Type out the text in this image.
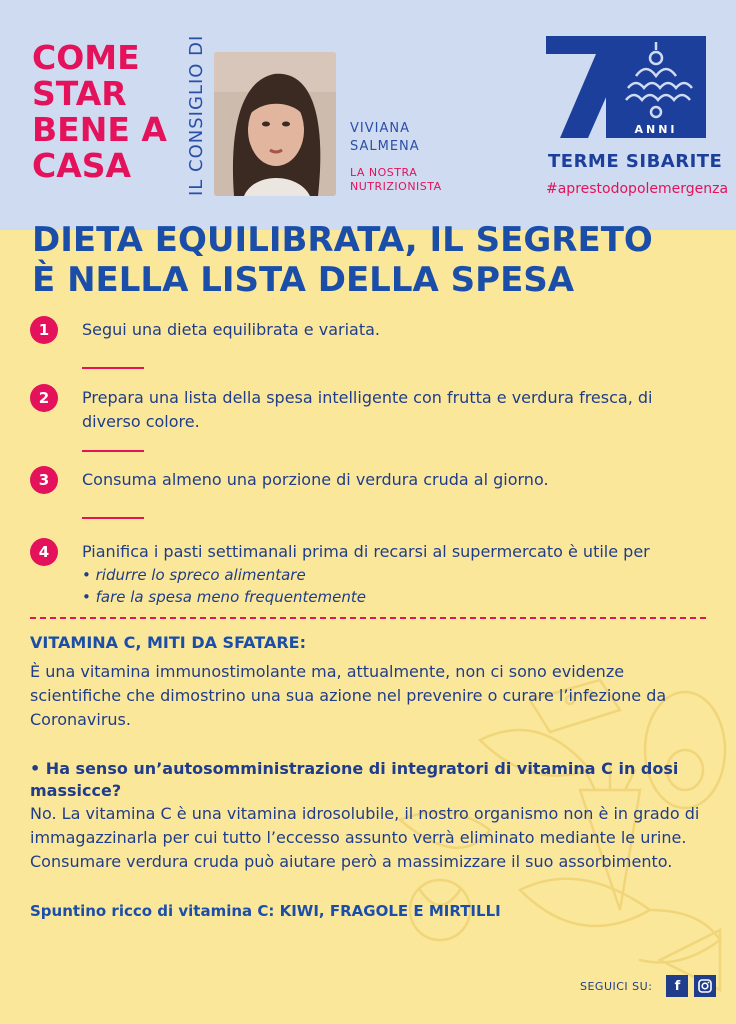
COME
STAR
BENE A
CASA	IL CONSIGLIO DI	VIVIANA
SALMENA
LA NOSTRA
NUTRIZIONISTA
ANNI
TERME SIBARITE
#aprestodopolemergenza
DIETA EQUILIBRATA, IL SEGRETO
È NELLA LISTA DELLA SPESA
1	Segui una dieta equilibrata e variata.
2	Prepara una lista della spesa intelligente con frutta e verdura fresca, di diverso colore.
3	Consuma almeno una porzione di verdura cruda al giorno.
4	Pianifica i pasti settimanali prima di recarsi al supermercato è utile per
• ridurre lo spreco alimentare
• fare la spesa meno frequentemente
VITAMINA C, MITI DA SFATARE:
È una vitamina immunostimolante ma, attualmente, non ci sono evidenze scientifiche che dimostrino una sua azione nel prevenire o curare l’infezione da Coronavirus.
• Ha senso un’autosomministrazione di integratori di vitamina C in dosi massicce?
No. La vitamina C è una vitamina idrosolubile, il nostro organismo non è in grado di immagazzinarla per cui tutto l’eccesso assunto verrà eliminato mediante le urine. Consumare verdura cruda può aiutare però a massimizzare il suo assorbimento.
Spuntino ricco di vitamina C: KIWI, FRAGOLE E MIRTILLI
SEGUICI SU:	f
